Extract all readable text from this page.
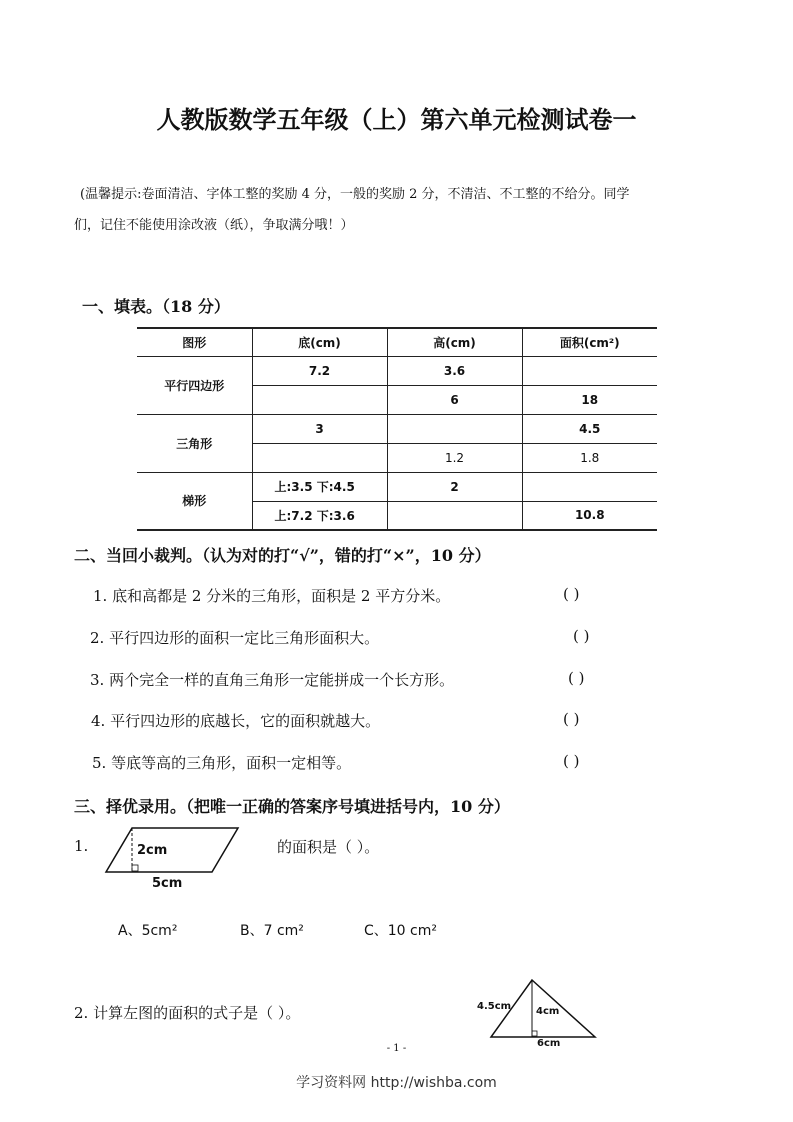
人教版数学五年级（上）第六单元检测试卷一
(温馨提示:卷面清洁、字体工整的奖励 4 分，一般的奖励 2 分，不清洁、不工整的不给分。同学
们，记住不能使用涂改液（纸），争取满分哦！）
一、填表。（18 分）
图形	底(cm)	高(cm)	面积(cm²)
平行四边形	7.2	3.6	
		6	18
三角形	3		4.5
		1.2	1.8
梯形	上:3.5 下:4.5	2	
	上:7.2 下:3.6		10.8
二、当回小裁判。（认为对的打“√”，错的打“×”，10 分）
1. 底和高都是 2 分米的三角形，面积是 2 平方分米。	( )
2. 平行四边形的面积一定比三角形面积大。	( )
3. 两个完全一样的直角三角形一定能拼成一个长方形。	( )
4. 平行四边形的底越长，它的面积就越大。	( )
5. 等底等高的三角形，面积一定相等。	( )
三、择优录用。（把唯一正确的答案序号填进括号内，10 分）
1.	2cm
5cm
的面积是（ ）。
A、5cm²	B、7 cm²	C、10 cm²
2. 计算左图的面积的式子是（ ）。	4.5cm 4cm
6cm
- 1 -
学习资料网 http://wishba.com
